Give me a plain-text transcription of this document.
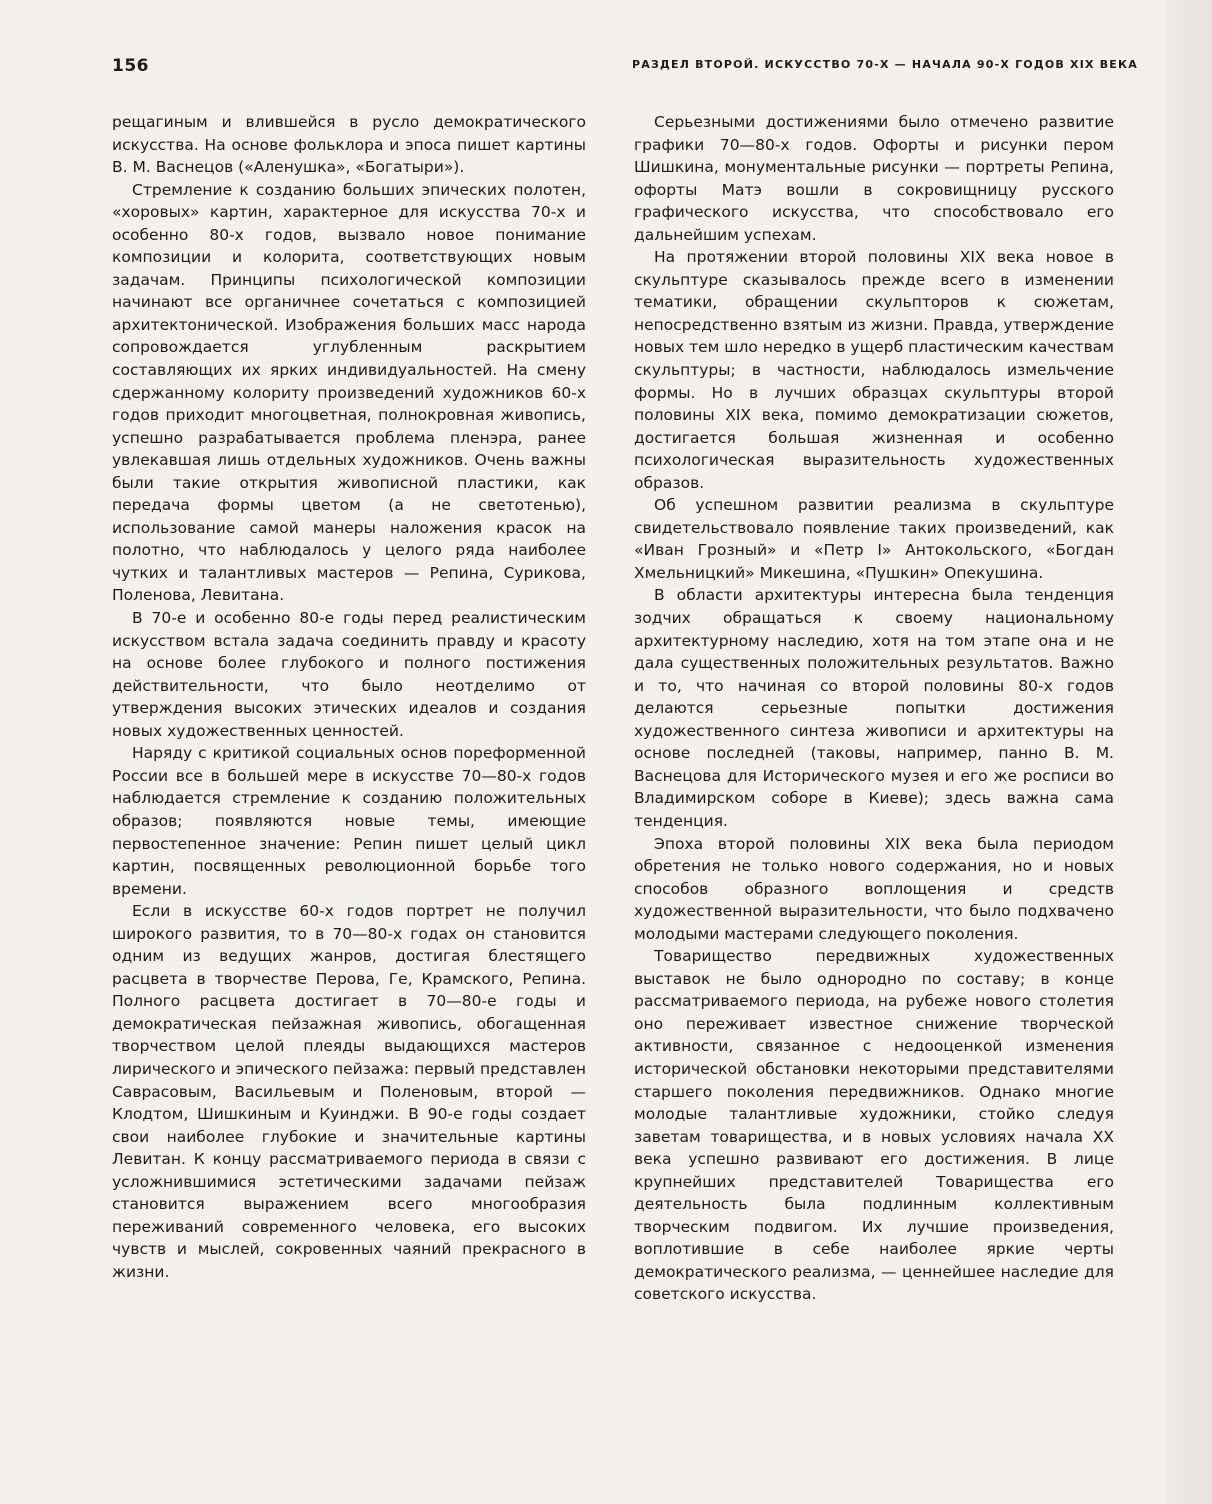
156	РАЗДЕЛ ВТОРОЙ. ИСКУССТВО 70-Х — НАЧАЛА 90-Х ГОДОВ XIX ВЕКА

рещагиным и влившейся в русло демократического искусства. На основе фольклора и эпоса пишет картины В. М. Васнецов («Аленушка», «Богатыри»).

Стремление к созданию больших эпических полотен, «хоровых» картин, характерное для искусства 70-х и особенно 80-х годов, вызвало новое понимание композиции и колорита, соответствующих новым задачам. Принципы психологической композиции начинают все органичнее сочетаться с композицией архитектонической. Изображения больших масс народа сопровождается углубленным раскрытием составляющих их ярких индивидуальностей. На смену сдержанному колориту произведений художников 60-х годов приходит многоцветная, полнокровная живопись, успешно разрабатывается проблема пленэра, ранее увлекавшая лишь отдельных художников. Очень важны были такие открытия живописной пластики, как передача формы цветом (а не светотенью), использование самой манеры наложения красок на полотно, что наблюдалось у целого ряда наиболее чутких и талантливых мастеров — Репина, Сурикова, Поленова, Левитана.

В 70-е и особенно 80-е годы перед реалистическим искусством встала задача соединить правду и красоту на основе более глубокого и полного постижения действительности, что было неотделимо от утверждения высоких этических идеалов и создания новых художественных ценностей.

Наряду с критикой социальных основ пореформенной России все в большей мере в искусстве 70—80-х годов наблюдается стремление к созданию положительных образов; появляются новые темы, имеющие первостепенное значение: Репин пишет целый цикл картин, посвященных революционной борьбе того времени.

Если в искусстве 60-х годов портрет не получил широкого развития, то в 70—80-х годах он становится одним из ведущих жанров, достигая блестящего расцвета в творчестве Перова, Ге, Крамского, Репина. Полного расцвета достигает в 70—80-е годы и демократическая пейзажная живопись, обогащенная творчеством целой плеяды выдающихся мастеров лирического и эпического пейзажа: первый представлен Саврасовым, Васильевым и Поленовым, второй — Клодтом, Шишкиным и Куинджи. В 90-е годы создает свои наиболее глубокие и значительные картины Левитан. К концу рассматриваемого периода в связи с усложнившимися эстетическими задачами пейзаж становится выражением всего многообразия переживаний современного человека, его высоких чувств и мыслей, сокровенных чаяний прекрасного в жизни.

Серьезными достижениями было отмечено развитие графики 70—80-х годов. Офорты и рисунки пером Шишкина, монументальные рисунки — портреты Репина, офорты Матэ вошли в сокровищницу русского графического искусства, что способствовало его дальнейшим успехам.

На протяжении второй половины XIX века новое в скульптуре сказывалось прежде всего в изменении тематики, обращении скульпторов к сюжетам, непосредственно взятым из жизни. Правда, утверждение новых тем шло нередко в ущерб пластическим качествам скульптуры; в частности, наблюдалось измельчение формы. Но в лучших образцах скульптуры второй половины XIX века, помимо демократизации сюжетов, достигается большая жизненная и особенно психологическая выразительность художественных образов.

Об успешном развитии реализма в скульптуре свидетельствовало появление таких произведений, как «Иван Грозный» и «Петр I» Антокольского, «Богдан Хмельницкий» Микешина, «Пушкин» Опекушина.

В области архитектуры интересна была тенденция зодчих обращаться к своему национальному архитектурному наследию, хотя на том этапе она и не дала существенных положительных результатов. Важно и то, что начиная со второй половины 80-х годов делаются серьезные попытки достижения художественного синтеза живописи и архитектуры на основе последней (таковы, например, панно В. М. Васнецова для Исторического музея и его же росписи во Владимирском соборе в Киеве); здесь важна сама тенденция.

Эпоха второй половины XIX века была периодом обретения не только нового содержания, но и новых способов образного воплощения и средств художественной выразительности, что было подхвачено молодыми мастерами следующего поколения.

Товарищество передвижных художественных выставок не было однородно по составу; в конце рассматриваемого периода, на рубеже нового столетия оно переживает известное снижение творческой активности, связанное с недооценкой изменения исторической обстановки некоторыми представителями старшего поколения передвижников. Однако многие молодые талантливые художники, стойко следуя заветам товарищества, и в новых условиях начала XX века успешно развивают его достижения. В лице крупнейших представителей Товарищества его деятельность была подлинным коллективным творческим подвигом. Их лучшие произведения, воплотившие в себе наиболее яркие черты демократического реализма, — ценнейшее наследие для советского искусства.
